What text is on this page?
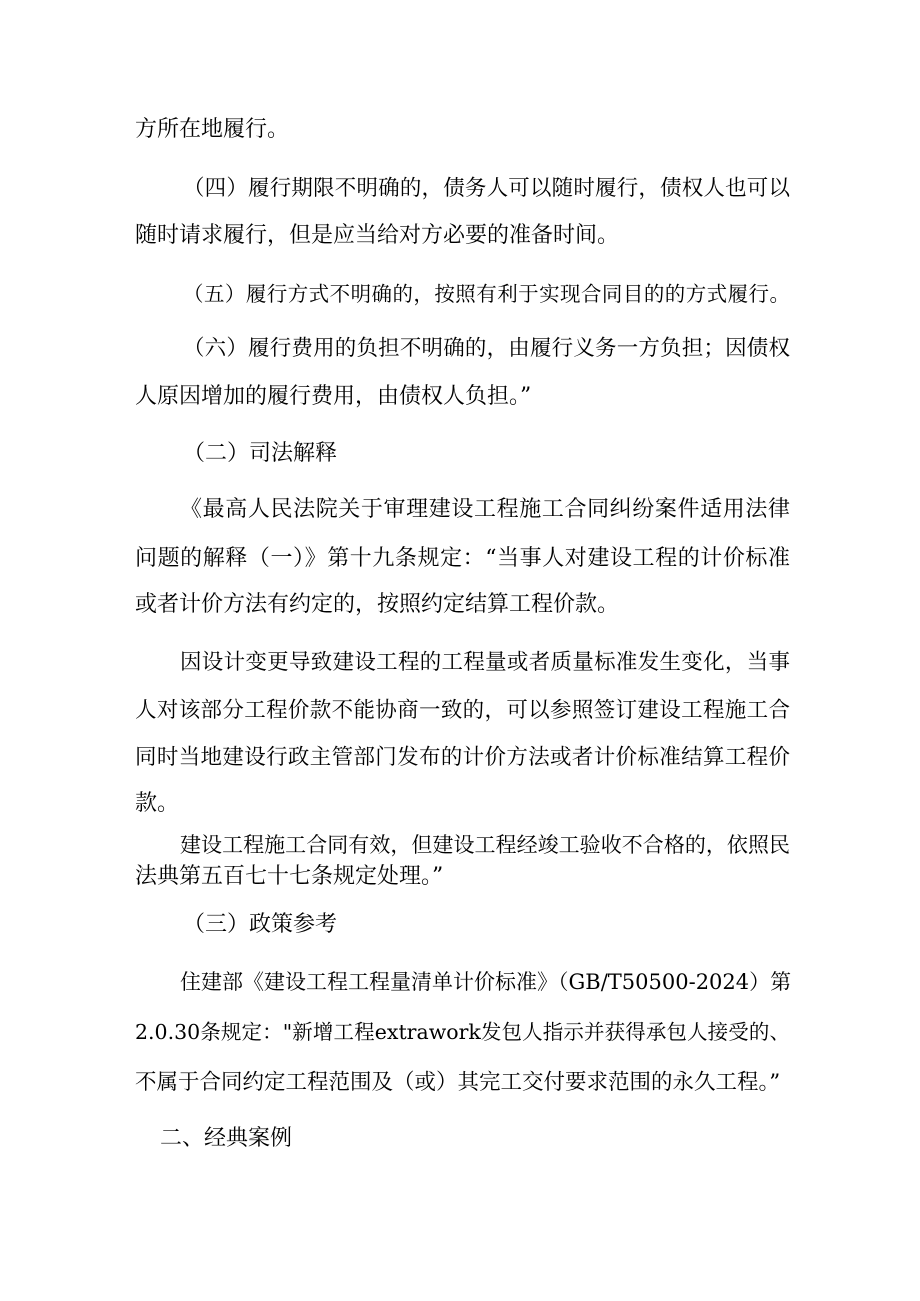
方所在地履行。
（四）履行期限不明确的，债务人可以随时履行，债权人也可以
随时请求履行，但是应当给对方必要的准备时间。
（五）履行方式不明确的，按照有利于实现合同目的的方式履行。
（六）履行费用的负担不明确的，由履行义务一方负担；因债权
人原因增加的履行费用，由债权人负担。”
（二）司法解释
《最高人民法院关于审理建设工程施工合同纠纷案件适用法律
问题的解释（一）》第十九条规定：“当事人对建设工程的计价标准
或者计价方法有约定的，按照约定结算工程价款。
因设计变更导致建设工程的工程量或者质量标准发生变化，当事
人对该部分工程价款不能协商一致的，可以参照签订建设工程施工合
同时当地建设行政主管部门发布的计价方法或者计价标准结算工程价
款。
建设工程施工合同有效，但建设工程经竣工验收不合格的，依照民
法典第五百七十七条规定处理。”
（三）政策参考
住建部《建设工程工程量清单计价标准》（GB/T50500-2024）第
2.0.30条规定："新增工程extrawork发包人指示并获得承包人接受的、
不属于合同约定工程范围及（或）其完工交付要求范围的永久工程。”
二、经典案例
